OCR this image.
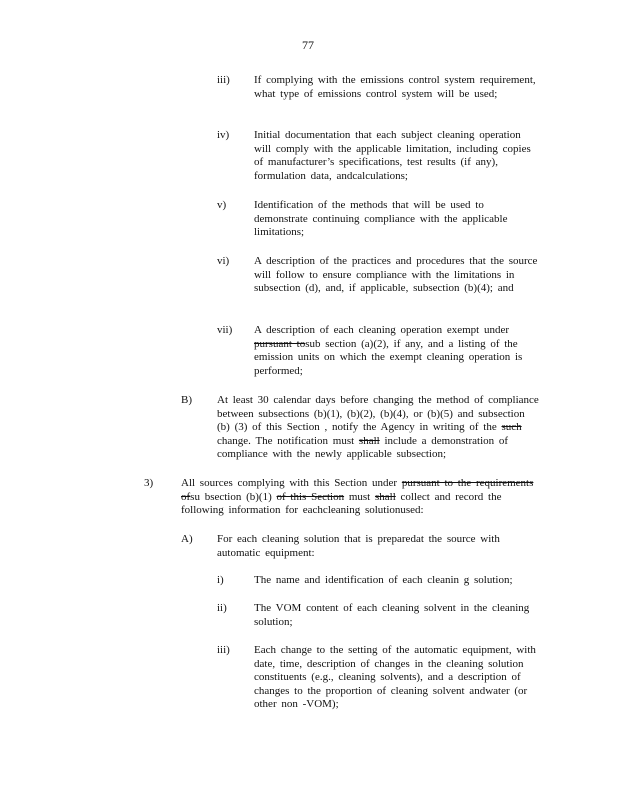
77
iii) If complying with the emissions control system requirement, what type of emissions control system will be used;
iv) Initial documentation that each subject cleaning operation will comply with the applicable limitation, including copies of manufacturer’s specifications, test results (if any), formulation data, andcalculations;
v)	Identification of the methods that will be used to demonstrate continuing compliance with the applicable limitations;
vi) A description of the practices and procedures that the source will follow to ensure compliance with the limitations in subsection (d), and, if applicable, subsection (b)(4); and
vii) A description of each cleaning operation exempt under pursuant tosub section (a)(2), if any, and a listing of the emission units on which the exempt cleaning operation is performed;
B) At least 30 calendar days before changing the method of compliance between subsections (b)(1), (b)(2), (b)(4), or (b)(5) and subsection (b) (3) of this Section , notify the Agency in writing of the such change. The notification must shall include a demonstration of compliance with the newly applicable subsection;
3)	All sources complying with this Section under pursuant to the requirements ofsu bsection (b)(1) of this Section must shall collect and record the following information for eachcleaning solutionused:
A) For each cleaning solution that is preparedat the source with automatic equipment:
i)	The name and identification of each cleanin g solution;
ii) The VOM content of each cleaning solvent in the cleaning solution;
iii) Each change to the setting of the automatic equipment, with date, time, description of changes in the cleaning solution constituents (e.g., cleaning solvents), and a description of changes to the proportion of cleaning solvent andwater (or other non -VOM);
